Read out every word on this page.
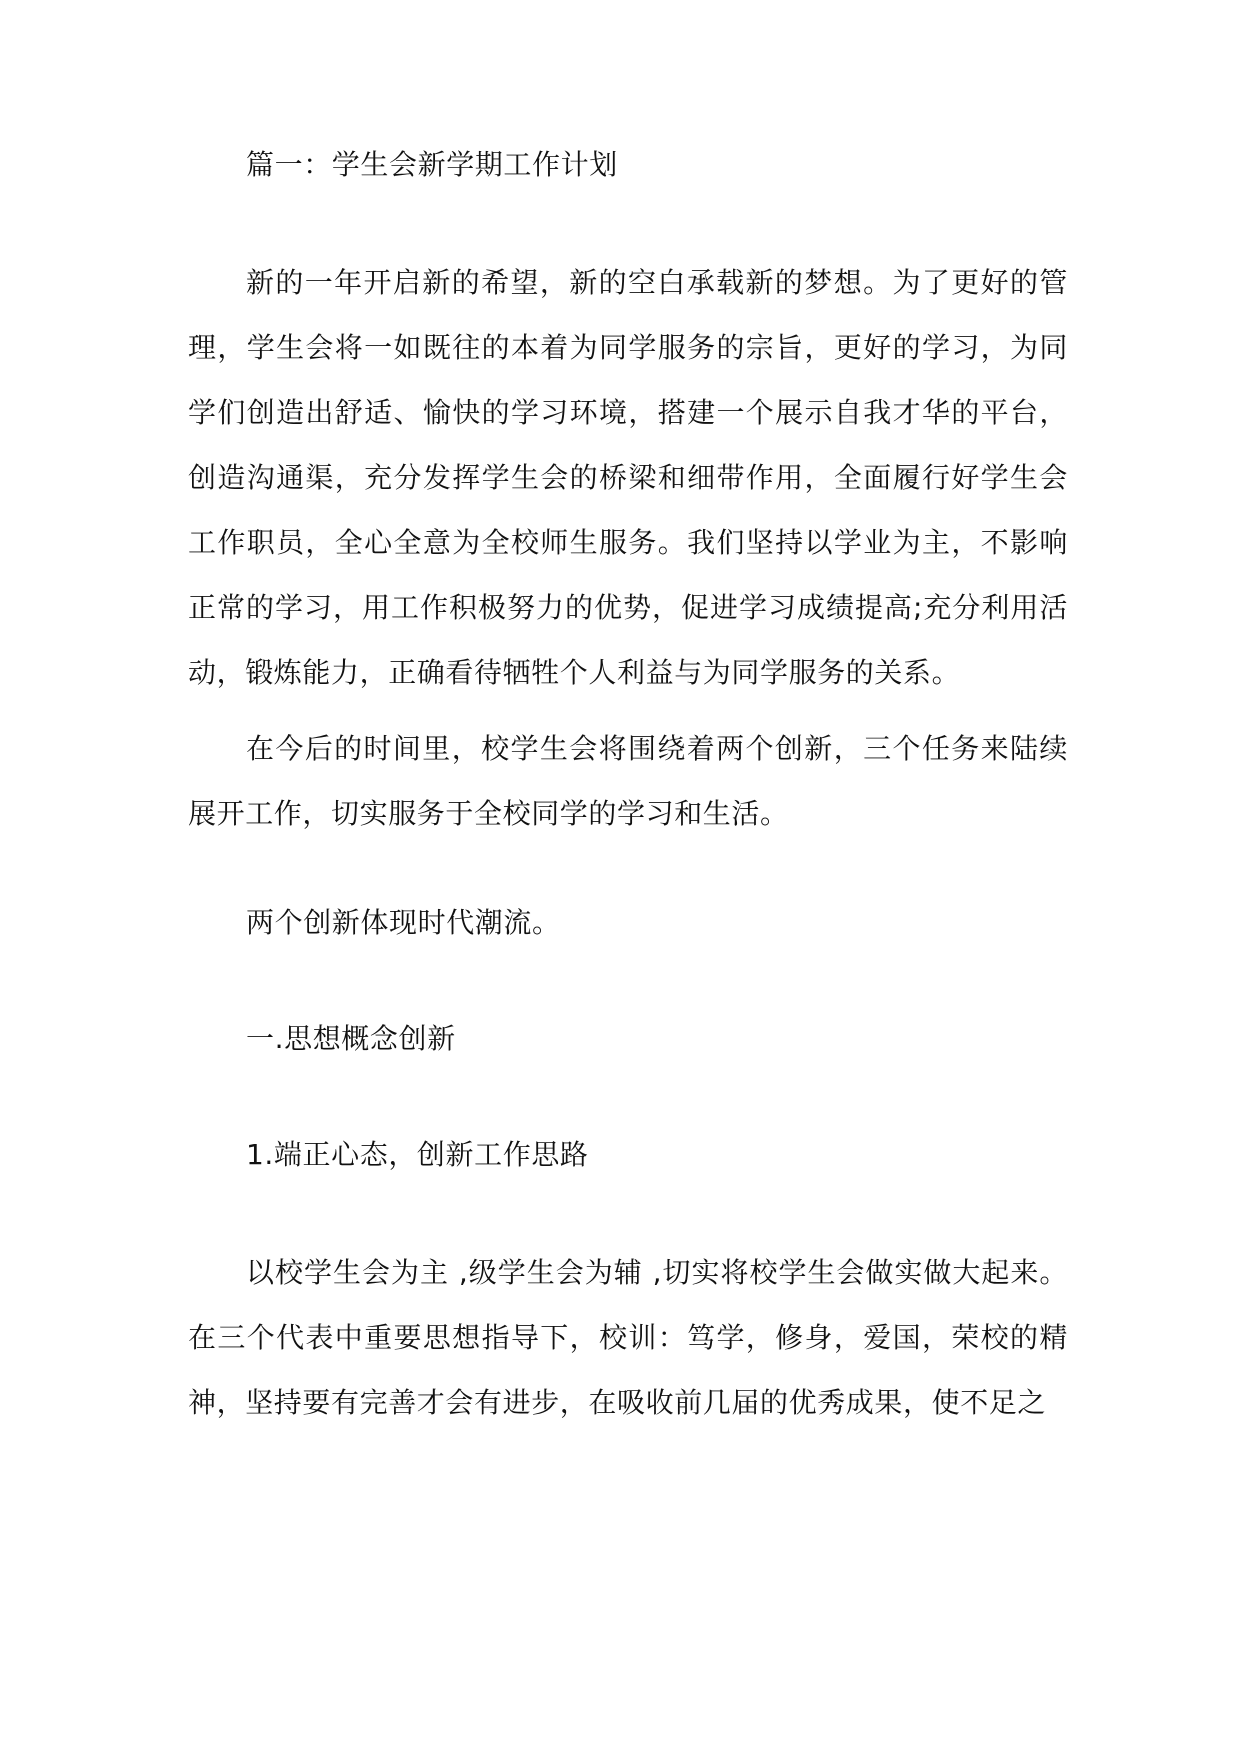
篇一：学生会新学期工作计划

新的一年开启新的希望，新的空白承载新的梦想。为了更好的管理，学生会将一如既往的本着为同学服务的宗旨，更好的学习，为同学们创造出舒适、愉快的学习环境，搭建一个展示自我才华的平台，创造沟通渠，充分发挥学生会的桥梁和细带作用，全面履行好学生会工作职员，全心全意为全校师生服务。我们坚持以学业为主，不影响正常的学习，用工作积极努力的优势，促进学习成绩提高;充分利用活动，锻炼能力，正确看待牺牲个人利益与为同学服务的关系。

在今后的时间里，校学生会将围绕着两个创新，三个任务来陆续展开工作，切实服务于全校同学的学习和生活。

两个创新体现时代潮流。

一.思想概念创新

1.端正心态，创新工作思路

以校学生会为主 ,级学生会为辅 ,切实将校学生会做实做大起来。在三个代表中重要思想指导下，校训：笃学，修身，爱国，荣校的精神，坚持要有完善才会有进步，在吸收前几届的优秀成果，使不足之
